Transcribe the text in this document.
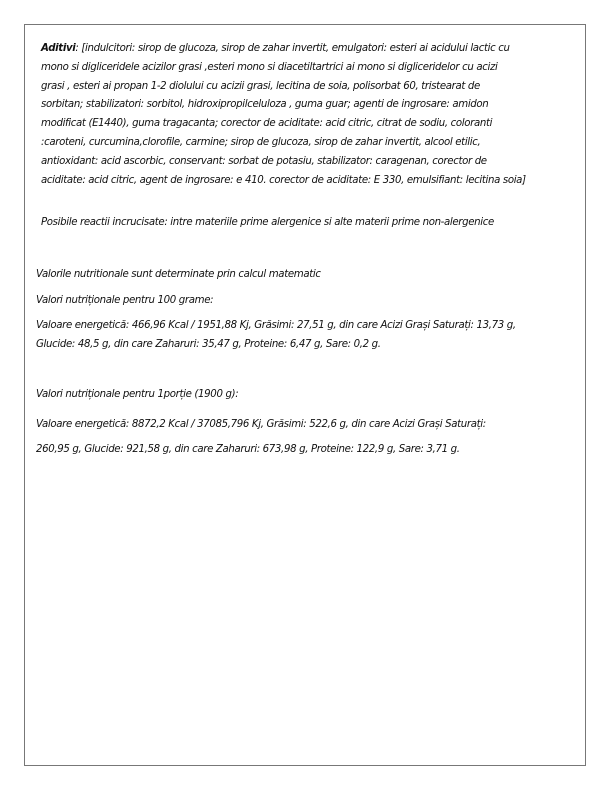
Aditivi: [indulcitori: sirop de glucoza, sirop de zahar invertit, emulgatori: esteri ai acidului lactic cu
mono si digliceridele acizilor grasi ,esteri mono si diacetiltartrici ai mono si digliceridelor cu acizi
grasi , esteri ai propan 1-2 diolului cu acizii grasi, lecitina de soia, polisorbat 60, tristearat de
sorbitan; stabilizatori: sorbitol, hidroxipropilceluloza , guma guar; agenti de ingrosare: amidon
modificat (E1440), guma tragacanta; corector de aciditate: acid citric, citrat de sodiu, coloranti
:caroteni, curcumina,clorofile, carmine; sirop de glucoza, sirop de zahar invertit, alcool etilic,
antioxidant: acid ascorbic, conservant: sorbat de potasiu, stabilizator: caragenan, corector de
aciditate: acid citric, agent de ingrosare: e 410. corector de aciditate: E 330, emulsifiant: lecitina soia]
Posibile reactii incrucisate: intre materiile prime alergenice si alte materii prime non-alergenice
Valorile nutritionale sunt determinate prin calcul matematic
Valori nutriționale pentru 100 grame:
Valoare energetică: 466,96 Kcal / 1951,88 Kj, Grăsimi: 27,51 g, din care Acizi Grași Saturați: 13,73 g,
Glucide: 48,5 g, din care Zaharuri: 35,47 g, Proteine: 6,47 g, Sare: 0,2 g.
Valori nutriționale pentru 1porție (1900 g):
Valoare energetică: 8872,2 Kcal / 37085,796 Kj, Grăsimi: 522,6 g, din care Acizi Grași Saturați:
260,95 g, Glucide: 921,58 g, din care Zaharuri: 673,98 g, Proteine: 122,9 g, Sare: 3,71 g.
